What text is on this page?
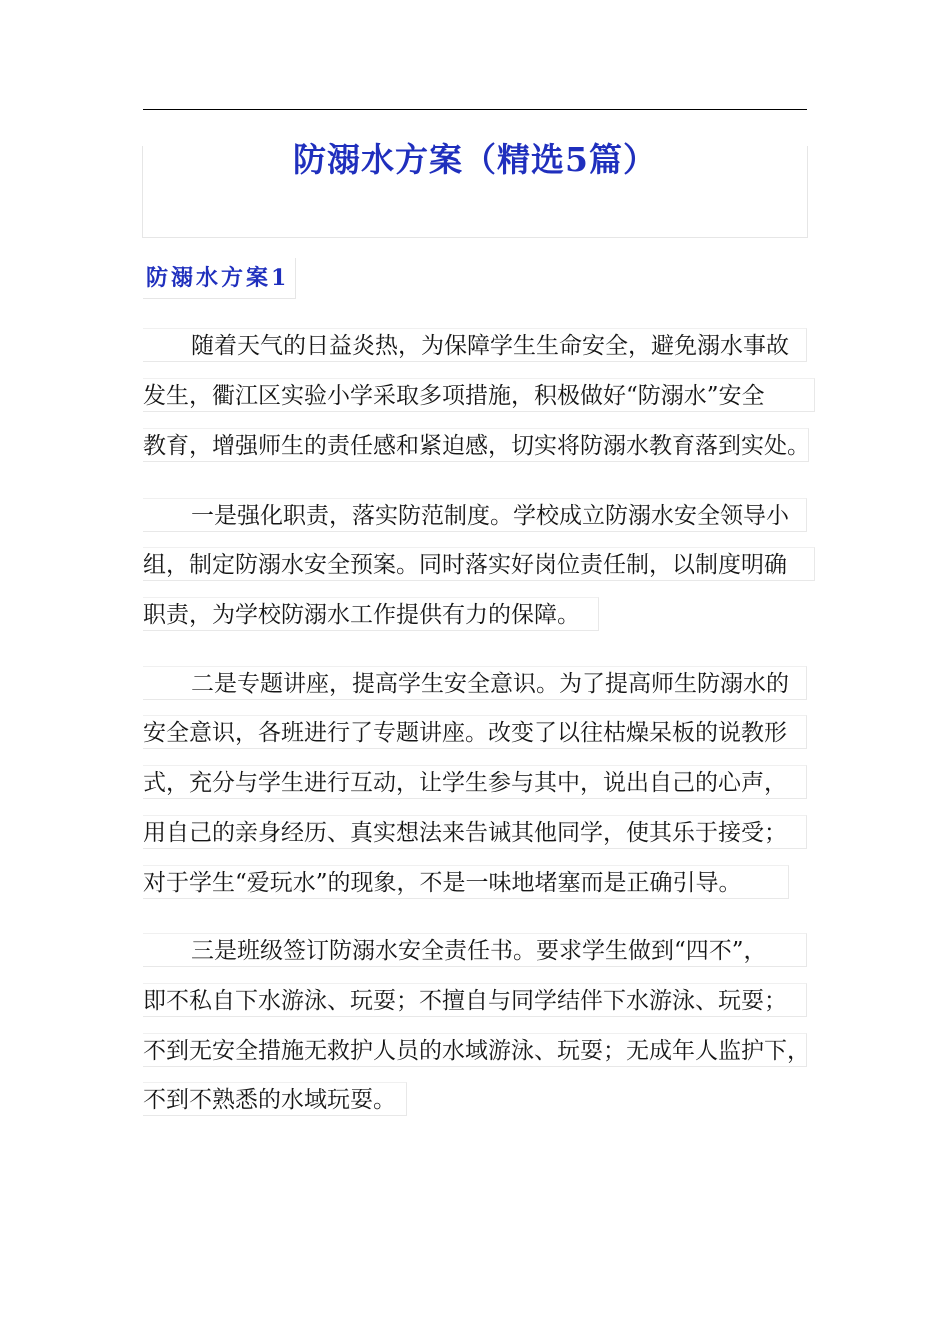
防溺水方案（精选5篇）
防溺水方案1
随着天气的日益炎热，为保障学生生命安全，避免溺水事故
发生，衢江区实验小学采取多项措施，积极做好“防溺水”安全
教育，增强师生的责任感和紧迫感，切实将防溺水教育落到实处。
一是强化职责，落实防范制度。学校成立防溺水安全领导小
组，制定防溺水安全预案。同时落实好岗位责任制，以制度明确
职责，为学校防溺水工作提供有力的保障。
二是专题讲座，提高学生安全意识。为了提高师生防溺水的
安全意识，各班进行了专题讲座。改变了以往枯燥呆板的说教形
式，充分与学生进行互动，让学生参与其中，说出自己的心声，
用自己的亲身经历、真实想法来告诫其他同学，使其乐于接受；
对于学生“爱玩水”的现象，不是一味地堵塞而是正确引导。
三是班级签订防溺水安全责任书。要求学生做到“四不”，
即不私自下水游泳、玩耍；不擅自与同学结伴下水游泳、玩耍；
不到无安全措施无救护人员的水域游泳、玩耍；无成年人监护下，
不到不熟悉的水域玩耍。
